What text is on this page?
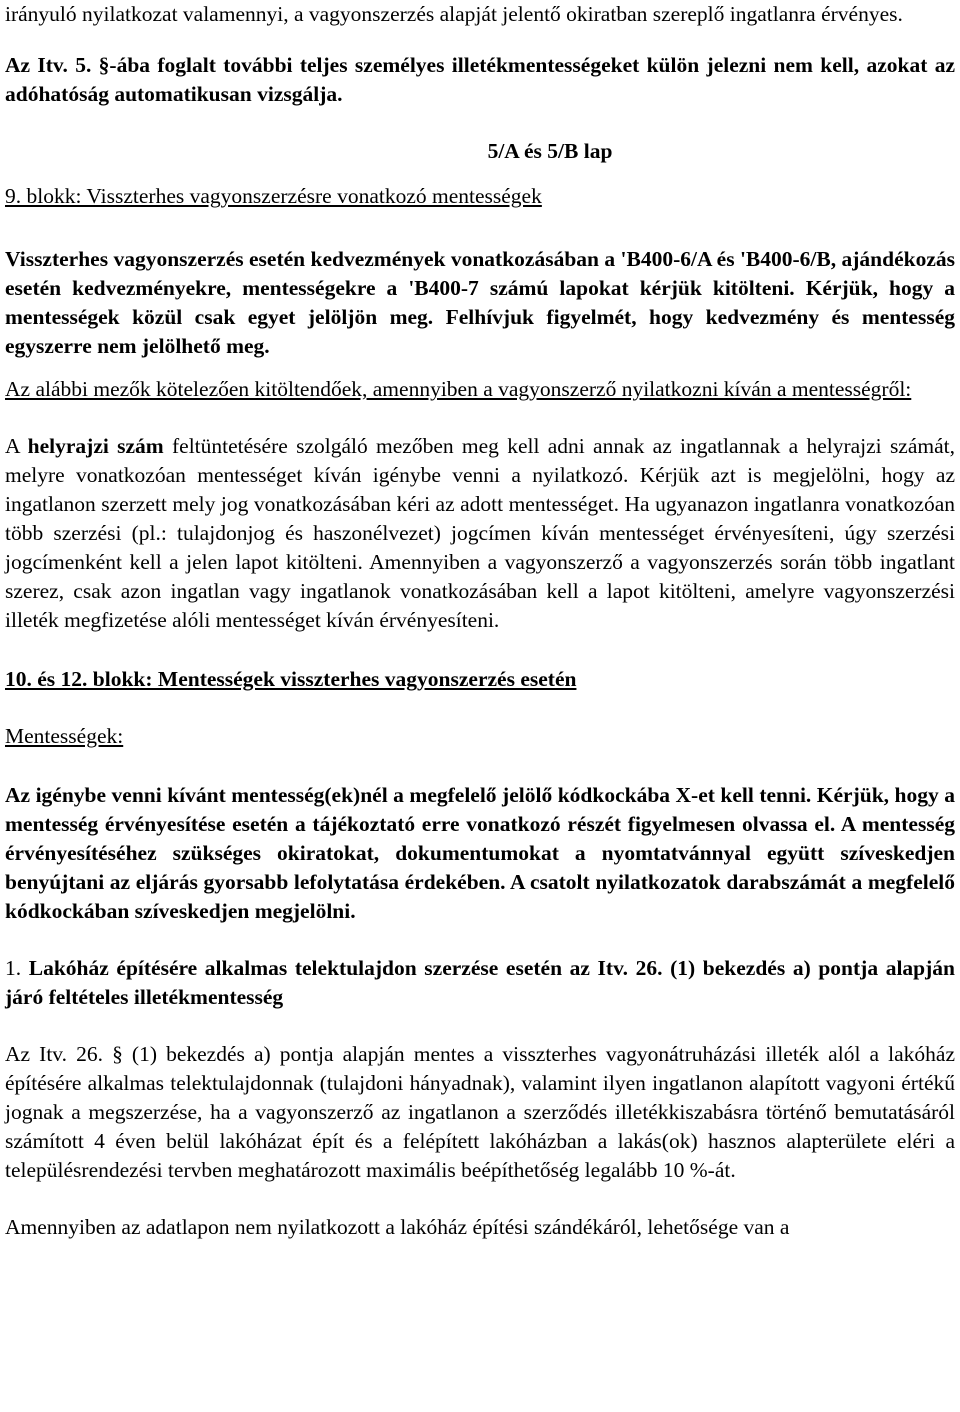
irányuló nyilatkozat valamennyi, a vagyonszerzés alapját jelentő okiratban szereplő ingatlanra érvényes.

Az Itv. 5. §-ába foglalt további teljes személyes illetékmentességeket külön jelezni nem kell, azokat az adóhatóság automatikusan vizsgálja.

5/A és 5/B lap

9. blokk: Visszterhes vagyonszerzésre vonatkozó mentességek

Visszterhes vagyonszerzés esetén kedvezmények vonatkozásában a 'B400-6/A és 'B400-6/B, ajándékozás esetén kedvezményekre, mentességekre a 'B400-7 számú lapokat kérjük kitölteni. Kérjük, hogy a mentességek közül csak egyet jelöljön meg. Felhívjuk figyelmét, hogy kedvezmény és mentesség egyszerre nem jelölhető meg.

Az alábbi mezők kötelezően kitöltendőek, amennyiben a vagyonszerző nyilatkozni kíván a mentességről:

A helyrajzi szám feltüntetésére szolgáló mezőben meg kell adni annak az ingatlannak a helyrajzi számát, melyre vonatkozóan mentességet kíván igénybe venni a nyilatkozó. Kérjük azt is megjelölni, hogy az ingatlanon szerzett mely jog vonatkozásában kéri az adott mentességet. Ha ugyanazon ingatlanra vonatkozóan több szerzési (pl.: tulajdonjog és haszonélvezet) jogcímen kíván mentességet érvényesíteni, úgy szerzési jogcímenként kell a jelen lapot kitölteni. Amennyiben a vagyonszerző a vagyonszerzés során több ingatlant szerez, csak azon ingatlan vagy ingatlanok vonatkozásában kell a lapot kitölteni, amelyre vagyonszerzési illeték megfizetése alóli mentességet kíván érvényesíteni.

10. és 12. blokk: Mentességek visszterhes vagyonszerzés esetén

Mentességek:

Az igénybe venni kívánt mentesség(ek)nél a megfelelő jelölő kódkockába X-et kell tenni. Kérjük, hogy a mentesség érvényesítése esetén a tájékoztató erre vonatkozó részét figyelmesen olvassa el. A mentesség érvényesítéséhez szükséges okiratokat, dokumentumokat a nyomtatvánnyal együtt szíveskedjen benyújtani az eljárás gyorsabb lefolytatása érdekében. A csatolt nyilatkozatok darabszámát a megfelelő kódkockában szíveskedjen megjelölni.

1. Lakóház építésére alkalmas telektulajdon szerzése esetén az Itv. 26. (1) bekezdés a) pontja alapján járó feltételes illetékmentesség

Az Itv. 26. § (1) bekezdés a) pontja alapján mentes a visszterhes vagyonátruházási illeték alól a lakóház építésére alkalmas telektulajdonnak (tulajdoni hányadnak), valamint ilyen ingatlanon alapított vagyoni értékű jognak a megszerzése, ha a vagyonszerző az ingatlanon a szerződés illetékkiszabásra történő bemutatásáról számított 4 éven belül lakóházat épít és a felépített lakóházban a lakás(ok) hasznos alapterülete eléri a településrendezési tervben meghatározott maximális beépíthetőség legalább 10 %-át.

Amennyiben az adatlapon nem nyilatkozott a lakóház építési szándékáról, lehetősége van a
